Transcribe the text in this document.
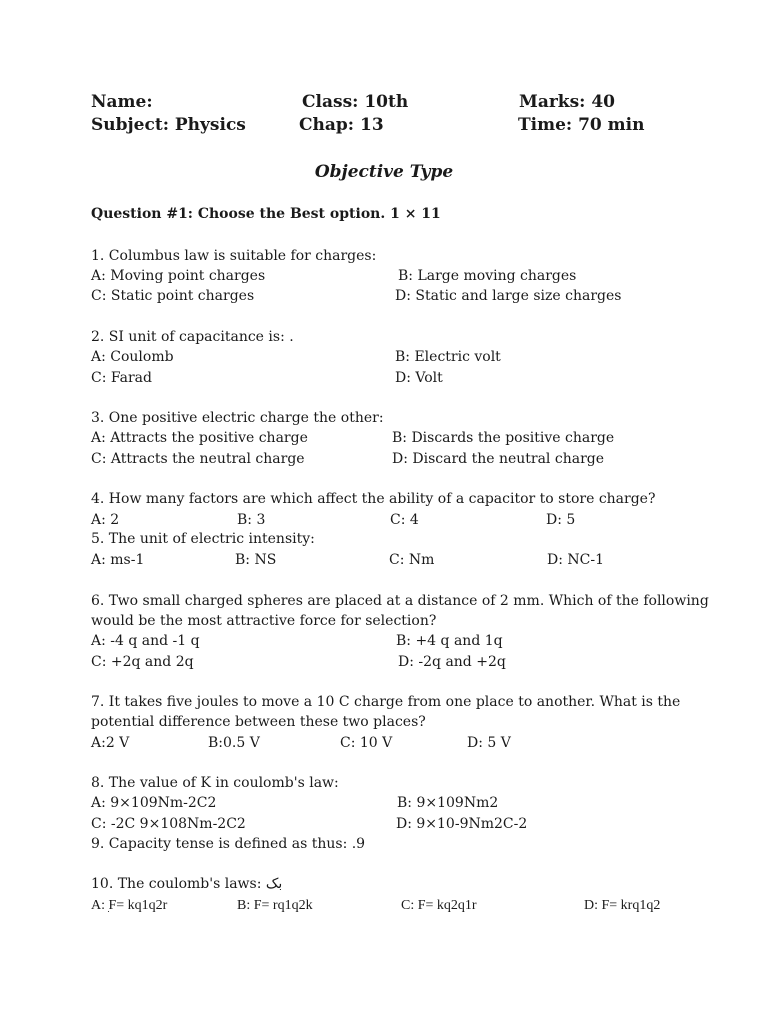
Name:	Class: 10th	Marks: 40
Subject: Physics	Chap: 13	Time: 70 min
Objective Type
Question #1: Choose the Best option. 1 × 11
1. Columbus law is suitable for charges:
A: Moving point charges	B: Large moving charges
C: Static point charges	D: Static and large size charges
2. SI unit of capacitance is: .
A: Coulomb	B: Electric volt
C: Farad	D: Volt
3. One positive electric charge the other:
A: Attracts the positive charge	B: Discards the positive charge
C: Attracts the neutral charge	D: Discard the neutral charge
4. How many factors are which affect the ability of a capacitor to store charge?
A: 2	B: 3	C: 4	D: 5
5. The unit of electric intensity:
A: ms-1	B: NS	C: Nm	D: NC-1
6. Two small charged spheres are placed at a distance of 2 mm. Which of the following
would be the most attractive force for selection?
A: -4 q and -1 q	B: +4 q and 1q
C: +2q and 2q	D: -2q and +2q
7. It takes five joules to move a 10 C charge from one place to another. What is the
potential difference between these two places?
A:2 V	B:0.5 V	C: 10 V	D: 5 V
8. The value of K in coulomb's law:
A: 9×109Nm-2C2	B: 9×109Nm2
C: -2C 9×108Nm-2C2	D: 9×10-9Nm2C-2
9. Capacity tense is defined as thus: .9
10. The coulomb's laws: بک
A: ׅF= kq1q2r	B: F= rq1q2k	C: F= kq2q1r	D: F= krq1q2
